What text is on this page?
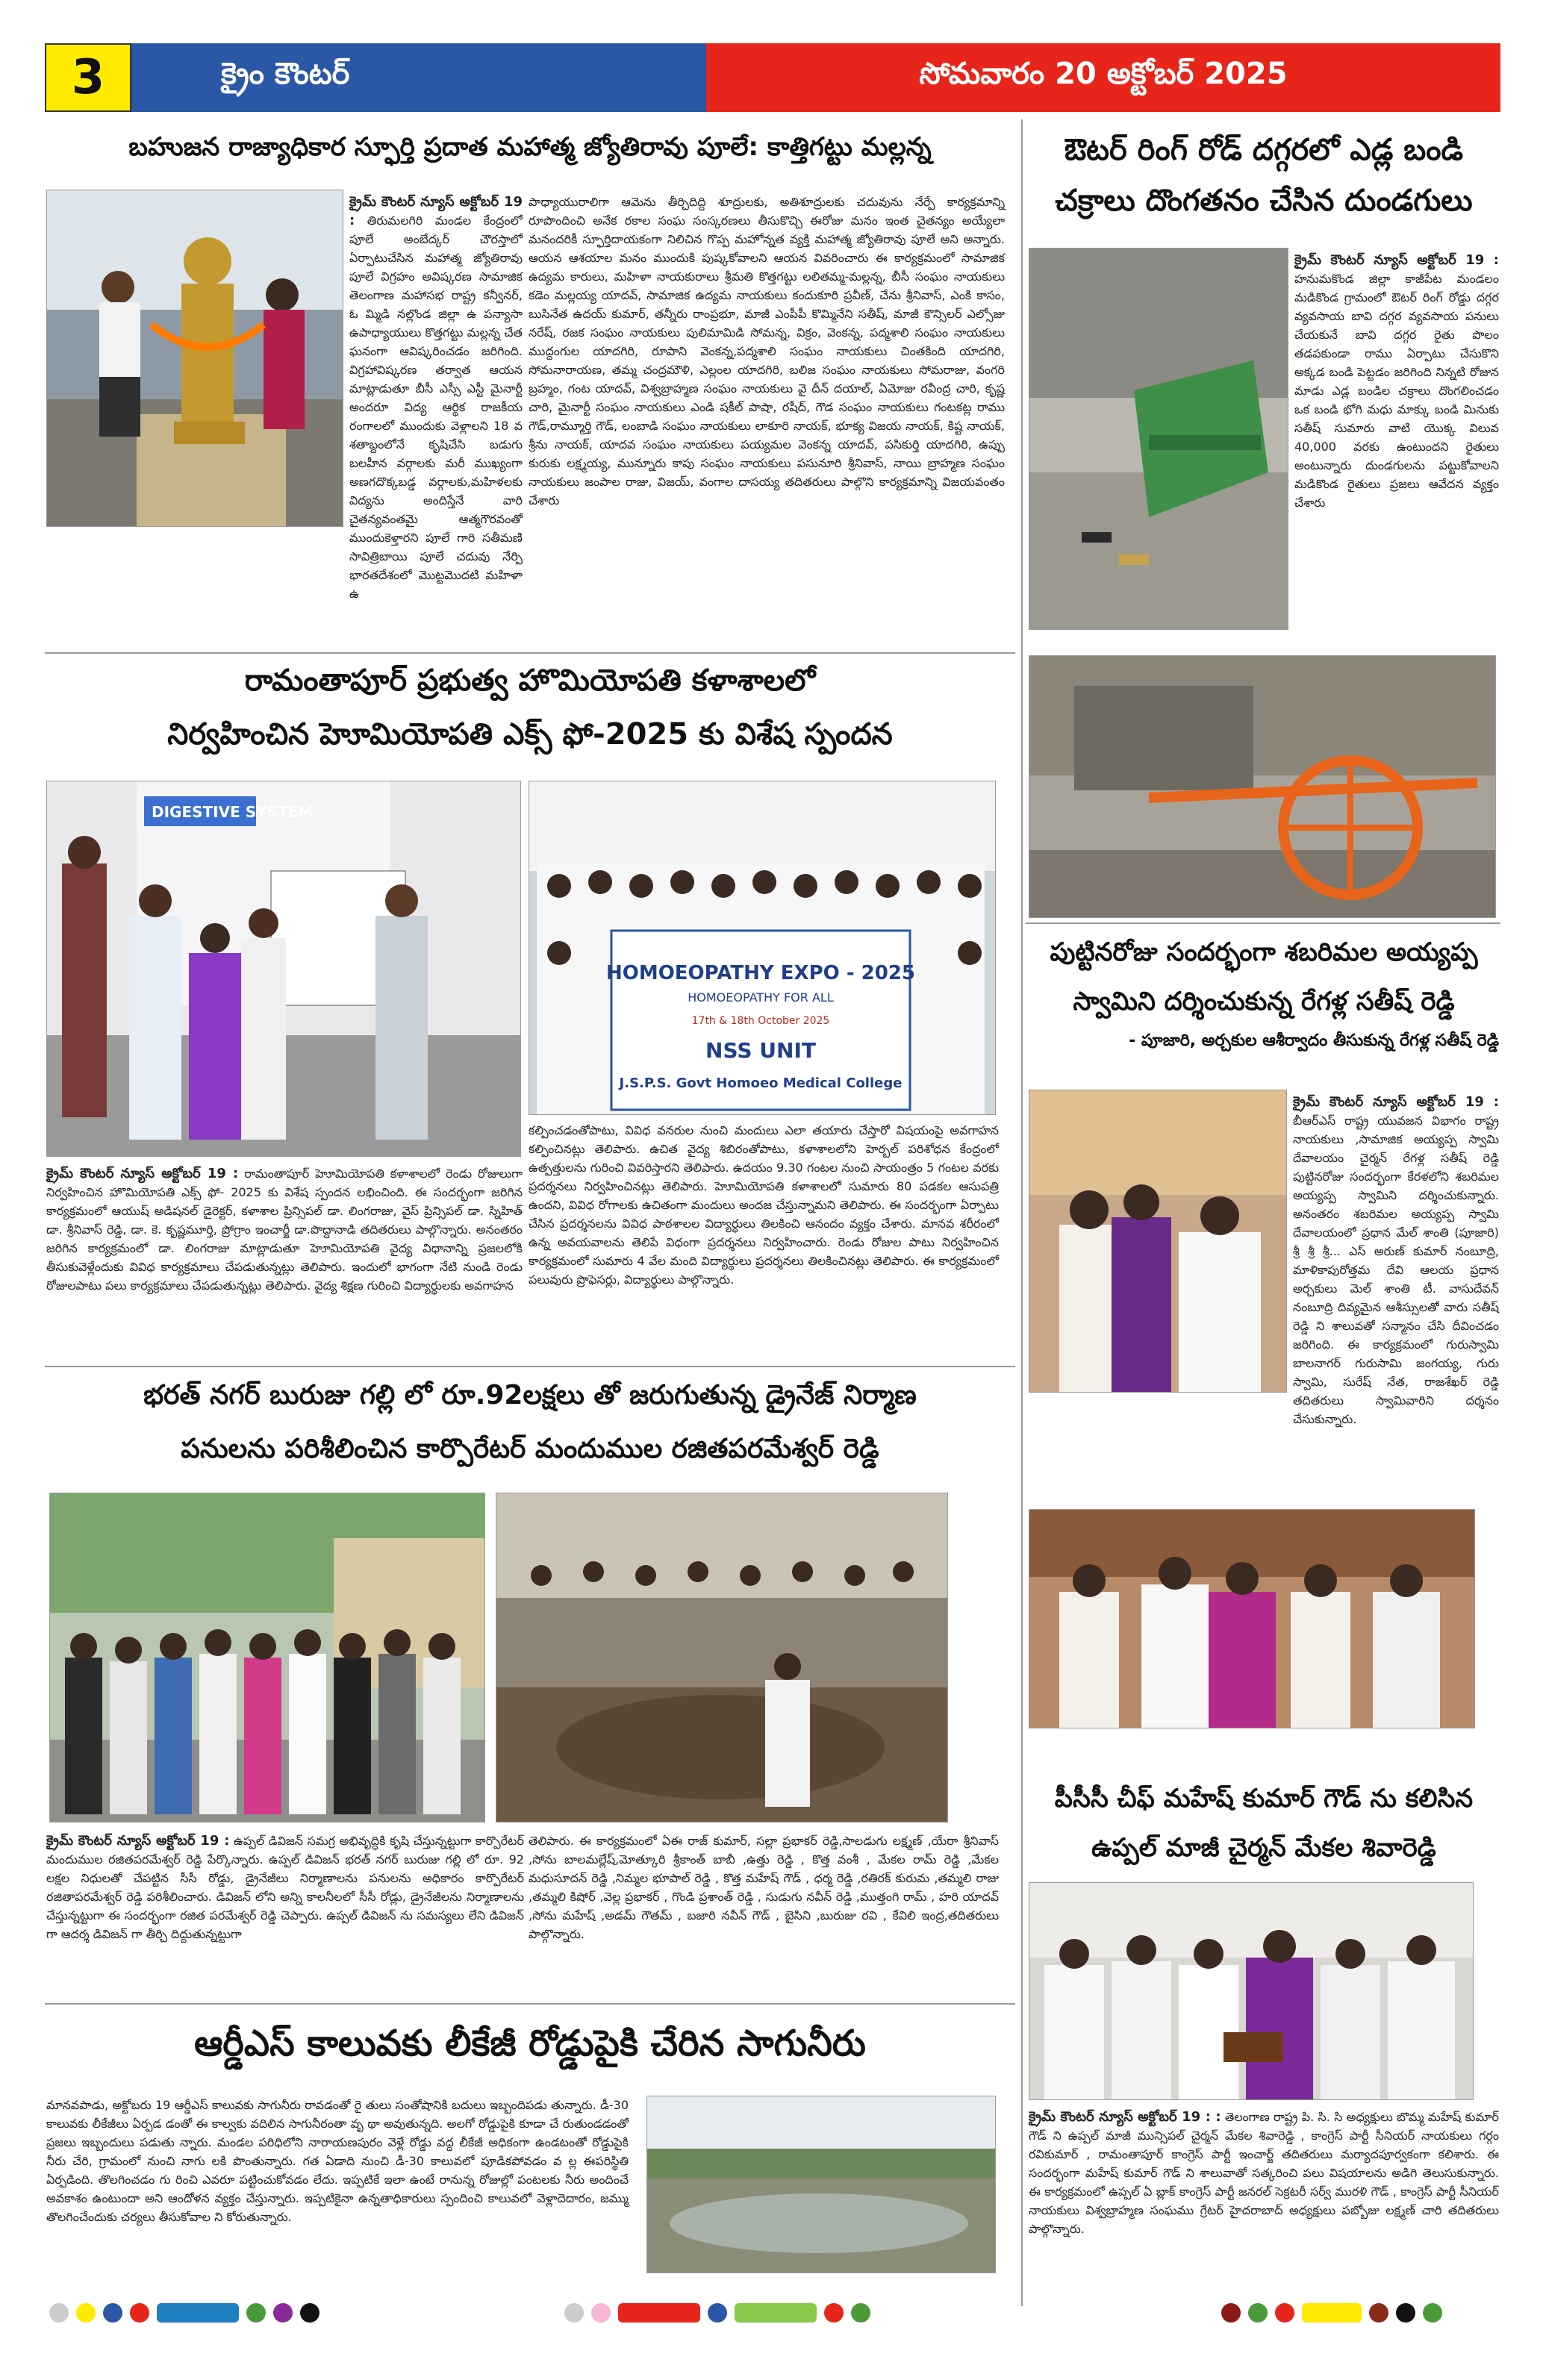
3	క్రైం కౌంటర్	సోమవారం 20 అక్టోబర్ 2025
బహుజన రాజ్యాధికార స్ఫూర్తి ప్రదాత మహాత్మ జ్యోతిరావు పూలే: కాత్తిగట్టు మల్లన్న
క్రైమ్ కౌంటర్ న్యూస్ అక్టోబర్ 19 : తిరుమలగిరి మండల కేంద్రంలో పూలే అంబేద్కర్ చౌరస్తాలో ఏర్పాటుచేసిన మహాత్మ జ్యోతిరావు పూలే విగ్రహం అవిష్కరణ సామాజిక తెలంగాణ మహాసభ రాష్ట్ర కన్వీనర్, ఓ మ్మిడి నల్లొండ జిల్లా ఉ పన్యాసా ఉపాధ్యాయులు కొత్తగట్టు మల్లన్న చేత ఘనంగా ఆవిష్కరించడం జరిగింది. విగ్రహావిష్కరణ తర్వాత ఆయన మాట్లాడుతూ బీసీ ఎస్సీ ఎస్టీ మైనార్టీ అందరూ విద్య ఆర్థిక రాజకీయ రంగాలలో ముందుకు వెళ్లాలని 18 వ శతాబ్దంలోనే కృషిచేసి బడుగు బలహీన వర్గాలకు మరీ ముఖ్యంగా అణగదొక్కబడ్డ వర్గాలకు,మహిళలకు విద్యను అందిస్తేనే వారి చైతన్యవంతమై ఆత్మగౌరవంతో ముందుకెళ్తారని పూలే గారి సతీమణి సావిత్రిబాయి పూలే చదువు నేర్పి భారతదేశంలో మొట్టమొదటి మహిళా ఉ
పాధ్యాయురాలిగా ఆమెను తీర్చిదిద్ది శూద్రులకు, అతిశూద్రులకు చదువును నేర్పే కార్యక్రమాన్ని రూపొందించి అనేక రకాల సంఘ సంస్కరణలు తీసుకొచ్చి ఈరోజు మనం ఇంత చైతన్యం అయ్యేలా మనందరికీ స్ఫూర్తిదాయకంగా నిలిచిన గొప్ప మహోన్నత వ్యక్తి మహాత్మ జ్యోతిరావు పూలే అని అన్నారు. ఆయన ఆశయాల మనం ముందుకి పుష్కకోవాలని ఆయన వివరించారు ఈ కార్యక్రమంలో సామాజిక ఉద్యమ కారులు, మహిళా నాయకురాలు శ్రీమతి కొత్తగట్టు లలితమ్మ-మల్లన్న, బీసీ సంఘం నాయకులు కడెం మల్లయ్య యాదవ్, సామాజిక ఉద్యమ నాయకులు కందుకూరి ప్రవీణ్, చేను శ్రీనివాస్, ఎంకి కాసం, బుసినేత ఉదయ్ కుమార్, తన్నీరు రాంప్రభూ, మాజీ ఎంపీపీ కొమ్మినేని సతీష్, మాజీ కౌన్సిలర్ ఎల్సోజు నరేష్, రజక సంఘం నాయకులు పులిమామిడి సోమన్న, విక్రం, వెంకన్న, పద్మశాలి సంఘం నాయకులు ముద్దంగుల యాదగిరి, రూపాని వెంకన్న,పద్మశాలి సంఘం నాయకులు చింతకింది యాదగిరి, సోమనారాయణ, తమ్మ చంద్రమౌళి, ఎల్లంల యాదగిరి, బలిజ సంఘం నాయకులు సోమరాజు, వంగరి బ్రహ్మం, గంట యాదవ్, విశ్వబ్రాహ్మణ సంఘం నాయకులు వై దీన్ దయాల్, ఏమోజు రవీంద్ర చారి, కృష్ణ చారి, మైనార్టీ సంఘం నాయకులు ఎండి షకీల్ పాషా, రషీద్, గౌడ సంఘం నాయకులు గంటకట్ల రాము గౌడ్,రామ్మూర్తి గౌడ్, లంబాడి సంఘం నాయకులు లాకూరి నాయక్, భూక్య విజయ నాయక్, కిష్ట నాయక్, శ్రీను నాయక్, యాదవ సంఘం నాయకులు పయ్యమల వెంకన్న యాదవ్, పసికుర్తి యాదగిరి, ఉప్పు కురుకు లక్ష్మయ్య, మున్నూరు కాపు సంఘం నాయకులు పసునూరి శ్రీనివాస్, నాయి బ్రాహ్మణ సంఘం నాయకులు జంపాల రాజు, విజయ్, వంగాల దాసయ్య తదితరులు పాల్గొని కార్యక్రమాన్ని విజయవంతం చేశారు
రామంతాపూర్ ప్రభుత్వ హొమియోపతి కళాశాలలో
నిర్వహించిన హెూమియోపతి ఎక్స్ ఫో-2025 కు విశేష స్పందన
DIGESTIVE SYSTEM
HOMOEOPATHY EXPO - 2025
HOMOEOPATHY FOR ALL
17th & 18th October 2025
NSS UNIT
J.S.P.S. Govt Homoeo Medical College
క్రైమ్ కౌంటర్ న్యూస్ అక్టోబర్ 19 : రామంతాపూర్ హెూమియోపతి కళాశాలలో రెండు రోజులుగా నిర్వహించిన హొమియోపతి ఎక్స్ ఫో- 2025 కు విశేష స్పందన లభించింది. ఈ సందర్భంగా జరిగిన కార్యక్రమంలో ఆయుష్ అడిషనల్ డైరెక్టర్, కళాశాల ప్రిన్సిపల్ డా. లింగరాజు, వైస్ ప్రిన్సిపల్ డా. స్నిహిత్ డా. శ్రీనివాస్ రెడ్డి, డా. కె. కృష్ణమూర్తి, ప్రోగ్రాం ఇంచార్జీ డా.పొద్దానాడి తదితరులు పాల్గొన్నారు. అనంతరం జరిగిన కార్యక్రమంలో డా. లింగరాజు మాట్లాడుతూ హెూమియోపతి వైద్య విధానాన్ని ప్రజలలోకి తీసుకువెళ్లేందుకు వివిధ కార్యక్రమాలు చేపడుతున్నట్లు తెలిపారు. ఇందులో భాగంగా నేటి నుండి రెండు రోజులపాటు పలు కార్యక్రమాలు చేపడుతున్నట్లు తెలిపారు. వైద్య శిక్షణ గురించి విద్యార్థులకు అవగాహన
కల్పించడంతోపాటు, వివిధ వనరుల నుంచి మందులు ఎలా తయారు చేస్తారో విషయంపై అవగాహన కల్పించినట్లు తెలిపారు. ఉచిత వైద్య శిబిరంతోపాటు, కళాశాలలోని హెర్బల్ పరిశోధన కేంద్రంలో ఉత్పత్తులను గురించి వివరిస్తారని తెలిపారు. ఉదయం 9.30 గంటల నుంచి సాయంత్రం 5 గంటల వరకు ప్రదర్శనలు నిర్వహించినట్లు తెలిపారు. హెూమియోపతి కళాశాలలో సుమారు 80 పడకల ఆసుపత్రి ఉందని, వివిధ రోగాలకు ఉచితంగా మందులు అందజ చేస్తున్నామని తెలిపారు. ఈ సందర్భంగా ఏర్పాటు చేసిన ప్రదర్శనలను వివిధ పాఠశాలల విద్యార్థులు తిలకించి ఆనందం వ్యక్తం చేశారు. మానవ శరీరంలో ఉన్న అవయవాలను తెలిపే విధంగా ప్రదర్శనలు నిర్వహించారు. రెండు రోజుల పాటు నిర్వహించిన కార్యక్రమంలో సుమారు 4 వేల మంది విద్యార్థులు ప్రదర్శనలు తిలకించినట్లు తెలిపారు. ఈ కార్యక్రమంలో పలువురు ప్రొఫెసర్లు, విద్యార్థులు పాల్గొన్నారు.
భరత్ నగర్ బురుజు గల్లి లో రూ.92లక్షలు తో జరుగుతున్న డ్రైనేజ్ నిర్మాణ
పనులను పరిశీలించిన కార్పొరేటర్ మందుముల రజితపరమేశ్వర్ రెడ్డి
క్రైమ్ కౌంటర్ న్యూస్ అక్టోబర్ 19 : ఉప్పల్ డివిజన్ సమగ్ర అభివృద్ధికి కృషి చేస్తున్నట్టుగా కార్పొరేటర్ మందుముల రజితపరమేశ్వర్ రెడ్డి పేర్కొన్నారు. ఉప్పల్ డివిజన్ భరత్ నగర్ బురుజు గల్లి లో రూ. 92 లక్షల నిధులతో చేపట్టిన సీసీ రోడ్డు, డ్రైనేజీలు నిర్మాణాలను పనులను అధికారం కార్పొరేటర్ రజితాపరమేశ్వర్ రెడ్డి పరిశీలించారు. డివిజన్ లోని అన్ని కాలనీలలో సీసీ రోడ్లు, డ్రైనేజీలను నిర్మాణాలను చేస్తున్నట్టుగా ఈ సందర్భంగా రజిత పరమేశ్వర్ రెడ్డి చెప్పారు. ఉప్పల్ డివిజన్ ను సమస్యలు లేని డివిజన్ గా ఆదర్శ డివిజన్ గా తీర్చి దిద్దుతున్నట్టుగా
తెలిపారు. ఈ కార్యక్రమంలో ఏఈ రాజ్ కుమార్, సల్లా ప్రభాకర్ రెడ్డి,సాలడుగు లక్ష్మణ్ ,యేరా శ్రీనివాస్ ,సోను బాలమల్లేష్,మోత్కూరి శ్రీకాంత్ బాబీ ,ఉత్తు రెడ్డి , కొత్త వంశీ , మేకల రామ్ రెడ్డి ,మేకల మధుసూదన్ రెడ్డి ,నిమ్మల భూపాల్ రెడ్డి , కొత్త మహేష్ గౌడ్ , ధర్మ రెడ్డి ,రతిరక్ కురుమ ,తమ్మలి రాజు ,తమ్మలి కిషోర్ ,వెల్ల ప్రభాకర్ , గొండి ప్రశాంత్ రెడ్డి , సుడుగు నవీన్ రెడ్డి ,ముత్తంగి రామ్ , హరి యాదవ్ ,సోను మహేష్ ,అడమ్ గౌతమ్ , బజారి నవీన్ గౌడ్ , బైసిని ,బురుజు రవి , కేవిలి ఇంద్ర,తదితరులు పాల్గొన్నారు.
ఆర్డీఎస్ కాలువకు లీకేజీ రోడ్డుపైకి చేరిన సాగునీరు
మానవపాడు, అక్టోబరు 19 ఆర్డీఎస్ కాలువకు సాగునీరు రావడంతో రై తులు సంతోషానికి బదులు ఇబ్బందిపడు తున్నారు. డీ-30 కాలువకు లీకేజీలు ఏర్పడ డంతో ఈ కాల్వకు వదిలిన సాగునీరంతా వృ థా అవుతున్నది. అలగో రోడ్డుపైకి కూడా చే రుతుండడంతో ప్రజలు ఇబ్బందులు పడుతు న్నారు. మండల పరిధిలోని నారాయణపురం వెళ్లే రోడ్డు వద్ద లీకేజీ అధికంగా ఉండటంతో రోడ్డుపైకి నీరు చేరి, గ్రామంలో నుంచి నాగు లకి పొంతున్నారు. గత ఏడాది నుంచి డీ-30 కాలువలో పూడికపోవడం వ ల్ల ఈపరిస్థితి ఏర్పడింది. తొలగించడం గు రించి ఎవరూ పట్టించుకోవడం లేదు. ఇప్పటికే ఇలా ఉంటే రానున్న రోజుల్లో పంటలకు నీరు అందించే అవకాశం ఉంటుందా అని ఆందోళన వ్యక్తం చేస్తున్నారు. ఇప్పటికైనా ఉన్నతాధికారులు స్పందించి కాలువలో వెళ్లాదెదారం, జమ్ము తొలగించేందుకు చర్యలు తీసుకోవాల ని కోరుతున్నారు.
ఔటర్ రింగ్ రోడ్ దగ్గరలో ఎడ్ల బండి
చక్రాలు దొంగతనం చేసిన దుండగులు
క్రైమ్ కౌంటర్ న్యూస్ అక్టోబర్ 19 : హనుమకొండ జిల్లా కాజీపేట మండలం మడికొండ గ్రామంలో ఔటర్ రింగ్ రోడ్డు దగ్గర వ్యవసాయ బావి దగ్గర వ్యవసాయ పనులు చేయకునే బావి దగ్గర రైతు పొలం తడపకుండా రాము ఏర్పాటు చేసుకొని అక్కడ బండి పెట్టడం జరిగింది నిన్నటి రోజున మాడు ఎడ్ల బండిల చక్రాలు దొంగలించడం ఒక బండి భోగి మధు మాక్కు బండి మినుకు సతీష్ సుమారు వాటి యొక్క విలువ 40,000 వరకు ఉంటుందని రైతులు అంటున్నారు దుండగులను పట్టుకోవాలని మడికొండ రైతులు ప్రజలు ఆవేదన వ్యక్తం చేశారు
పుట్టినరోజు సందర్భంగా శబరిమల అయ్యప్ప
స్వామిని దర్శించుకున్న రేగళ్ల సతీష్ రెడ్డి
- పూజారి, అర్చకుల ఆశీర్వాదం తీసుకున్న రేగళ్ల సతీష్ రెడ్డి
క్రైమ్ కౌంటర్ న్యూస్ అక్టోబర్ 19 : బీఆర్ఎస్ రాష్ట్ర యువజన విభాగం రాష్ట్ర నాయకులు ,సామాజిక అయ్యప్ప స్వామి దేవాలయం చైర్మన్ రేగళ్ల సతీష్ రెడ్డి పుట్టినరోజు సందర్భంగా కేరళలోని శబరిమల అయ్యప్ప స్వామిని దర్శించుకున్నారు. అనంతరం శబరిమల అయ్యప్ప స్వామి దేవాలయంలో ప్రధాన మేల్ శాంతి (పూజారి) శ్రీ శ్రీ శ్రీ... ఎస్ అరుణ్ కుమార్ నంబూద్రి, మాళికాపురోత్తమ దేవి ఆలయ ప్రధాన అర్చకులు మెల్ శాంతి టీ. వాసుదేవన్ నంబూద్రి దివ్యమైన ఆశీస్సులతో వారు సతీష్ రెడ్డి ని శాలువతో సన్మానం చేసి దీవించడం జరిగింది. ఈ కార్యక్రమంలో గురుస్వామి బాలనాగర్ గురుసామి జంగయ్య, గురు స్వామి, సురేష్ నేత, రాజశేఖర్ రెడ్డి తదితరులు స్వామివారిని దర్శనం చేసుకున్నారు.
పీసీసీ చీఫ్ మహేష్ కుమార్ గౌడ్ ను కలిసిన
ఉప్పల్ మాజీ చైర్మన్ మేకల శివారెడ్డి
క్రైమ్ కౌంటర్ న్యూస్ అక్టోబర్ 19 : : తెలంగాణ రాష్ట్ర పి. సి. సి అధ్యక్షులు బొమ్మ మహేష్ కుమార్ గౌడ్ ని ఉప్పల్ మాజీ మున్సిపల్ చైర్మన్ మేకల శివారెడ్డి , కాంగ్రెస్ పార్టీ సీనియర్ నాయకులు గర్గం రవికుమార్ , రామంతాపూర్ కాంగ్రెస్ పార్టీ ఇంచార్జ్ తదితరులు మర్యాదపూర్వకంగా కలిశారు. ఈ సందర్భంగా మహేష్ కుమార్ గౌడ్ ని శాలువాతో సత్కరించి పలు విషయాలను అడిగి తెలుసుకున్నారు. ఈ కార్యక్రమంలో ఉప్పల్ ఏ బ్లాక్ కాంగ్రెస్ పార్టీ జనరల్ సెక్రటరీ సర్వ్ మురళి గౌడ్ , కాంగ్రెస్ పార్టీ సీనియర్ నాయకులు విశ్వబ్రాహ్మణ సంఘము గ్రేటర్ హైదరాబాద్ అధ్యక్షులు పబ్బోజు లక్ష్మణ్ చారి తదితరులు పాల్గొన్నారు.
